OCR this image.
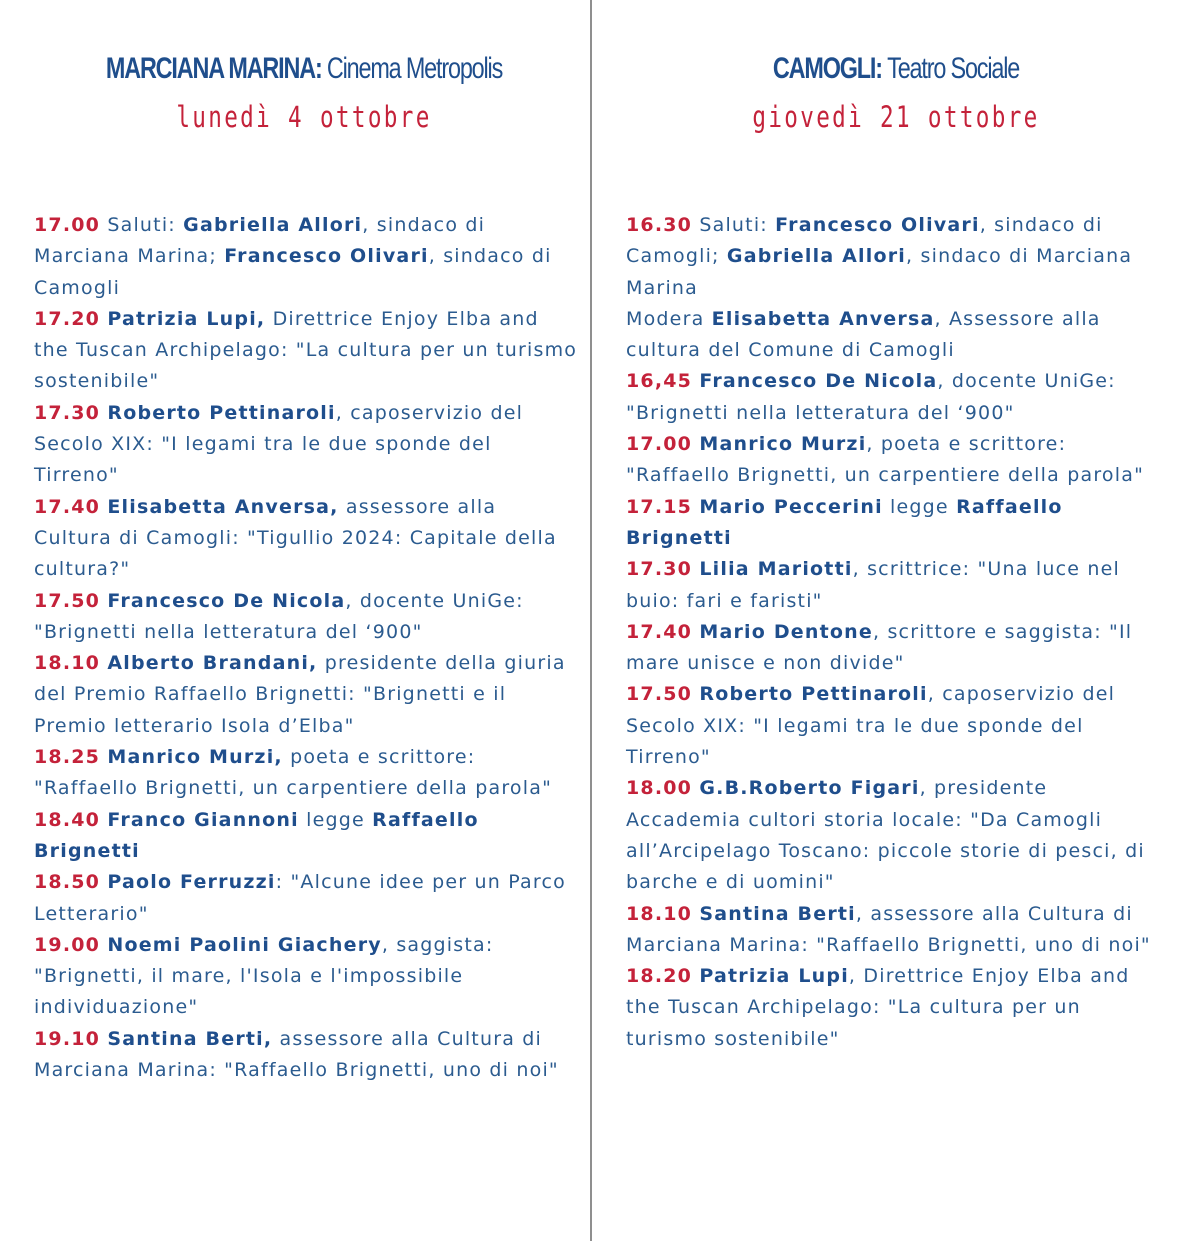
MARCIANA MARINA: Cinema Metropolis
lunedì 4 ottobre

17.00 Saluti: Gabriella Allori, sindaco di Marciana Marina; Francesco Olivari, sindaco di Camogli

17.20 Patrizia Lupi, Direttrice Enjoy Elba and the Tuscan Archipelago: "La cultura per un turismo sostenibile"

17.30 Roberto Pettinaroli, caposervizio del Secolo XIX: "I legami tra le due sponde del Tirreno"

17.40 Elisabetta Anversa, assessore alla Cultura di Camogli: "Tigullio 2024: Capitale della cultura?"

17.50 Francesco De Nicola, docente UniGe: "Brignetti nella letteratura del ‘900"

18.10 Alberto Brandani, presidente della giuria del Premio Raffaello Brignetti: "Brignetti e il Premio letterario Isola d’Elba"

18.25 Manrico Murzi, poeta e scrittore: "Raffaello Brignetti, un carpentiere della parola"

18.40 Franco Giannoni legge Raffaello Brignetti

18.50 Paolo Ferruzzi: "Alcune idee per un Parco Letterario"

19.00 Noemi Paolini Giachery, saggista: "Brignetti, il mare, l'Isola e l'impossibile individuazione"

19.10 Santina Berti, assessore alla Cultura di Marciana Marina: "Raffaello Brignetti, uno di noi"

CAMOGLI: Teatro Sociale
giovedì 21 ottobre

16.30 Saluti: Francesco Olivari, sindaco di Camogli; Gabriella Allori, sindaco di Marciana Marina

Modera Elisabetta Anversa, Assessore alla cultura del Comune di Camogli

16,45 Francesco De Nicola, docente UniGe: "Brignetti nella letteratura del ‘900"

17.00 Manrico Murzi, poeta e scrittore: "Raffaello Brignetti, un carpentiere della parola"

17.15 Mario Peccerini legge Raffaello Brignetti

17.30 Lilia Mariotti, scrittrice: "Una luce nel buio: fari e faristi"

17.40 Mario Dentone, scrittore e saggista: "Il mare unisce e non divide"

17.50 Roberto Pettinaroli, caposervizio del Secolo XIX: "I legami tra le due sponde del Tirreno"

18.00 G.B.Roberto Figari, presidente Accademia cultori storia locale: "Da Camogli all’Arcipelago Toscano: piccole storie di pesci, di barche e di uomini"

18.10 Santina Berti, assessore alla Cultura di Marciana Marina: "Raffaello Brignetti, uno di noi"

18.20 Patrizia Lupi, Direttrice Enjoy Elba and the Tuscan Archipelago: "La cultura per un turismo sostenibile"
